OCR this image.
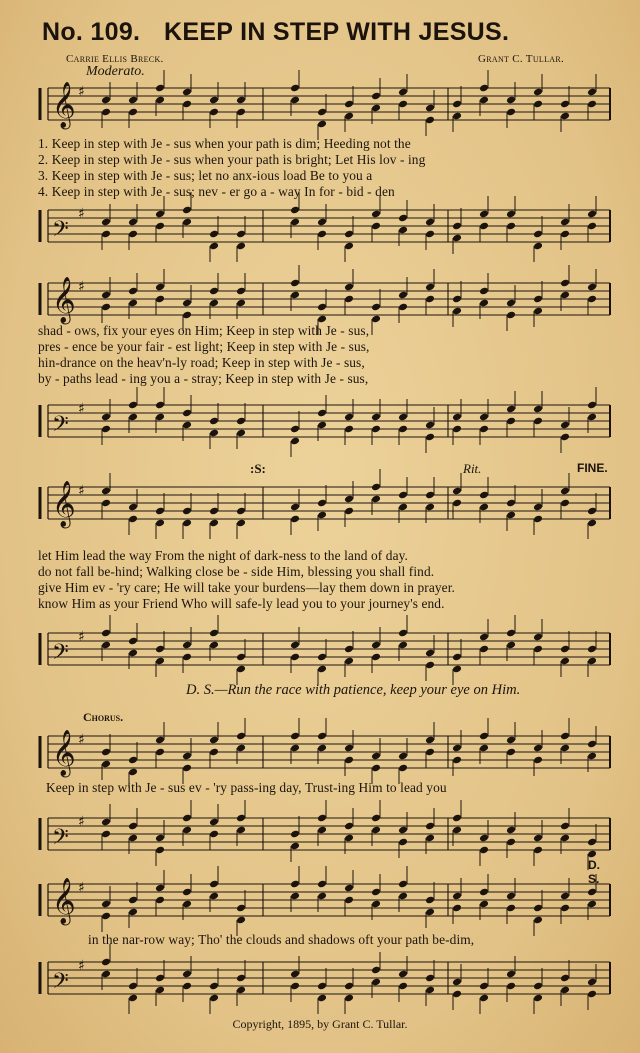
No. 109. KEEP IN STEP WITH JESUS.
Carrie Ellis Breck.	Grant C. Tullar.
Moderato.
𝄞 ♯
1. Keep in step with Je - sus when your path is dim; Heeding not the
2. Keep in step with Je - sus when your path is bright; Let His lov - ing
3. Keep in step with Je - sus; let no anx-ious load Be to you a
4. Keep in step with Je - sus; nev - er go a - way In for - bid - den
𝄢
♯
𝄞 ♯
shad - ows, fix your eyes on Him; Keep in step with Je - sus,
pres - ence be your fair - est light; Keep in step with Je - sus,
hin-drance on the heav'n-ly road; Keep in step with Je - sus,
by - paths lead - ing you a - stray; Keep in step with Je - sus,
𝄢
♯
:S:	Rit.	FINE.
𝄞 ♯
let Him lead the way From the night of dark-ness to the land of day.
do not fall be-hind; Walking close be - side Him, blessing you shall find.
give Him ev - 'ry care; He will take your burdens—lay them down in prayer.
know Him as your Friend Who will safe-ly lead you to your journey's end.
𝄢
♯
D. S.—Run the race with patience, keep your eye on Him.
Chorus.
𝄞 ♯
Keep in step with Je - sus ev - 'ry pass-ing day, Trust-ing Him to lead you
𝄢
♯
D. S.
𝄞 ♯
in the nar-row way; Tho' the clouds and shadows oft your path be-dim,
𝄢
♯
Copyright, 1895, by Grant C. Tullar.
